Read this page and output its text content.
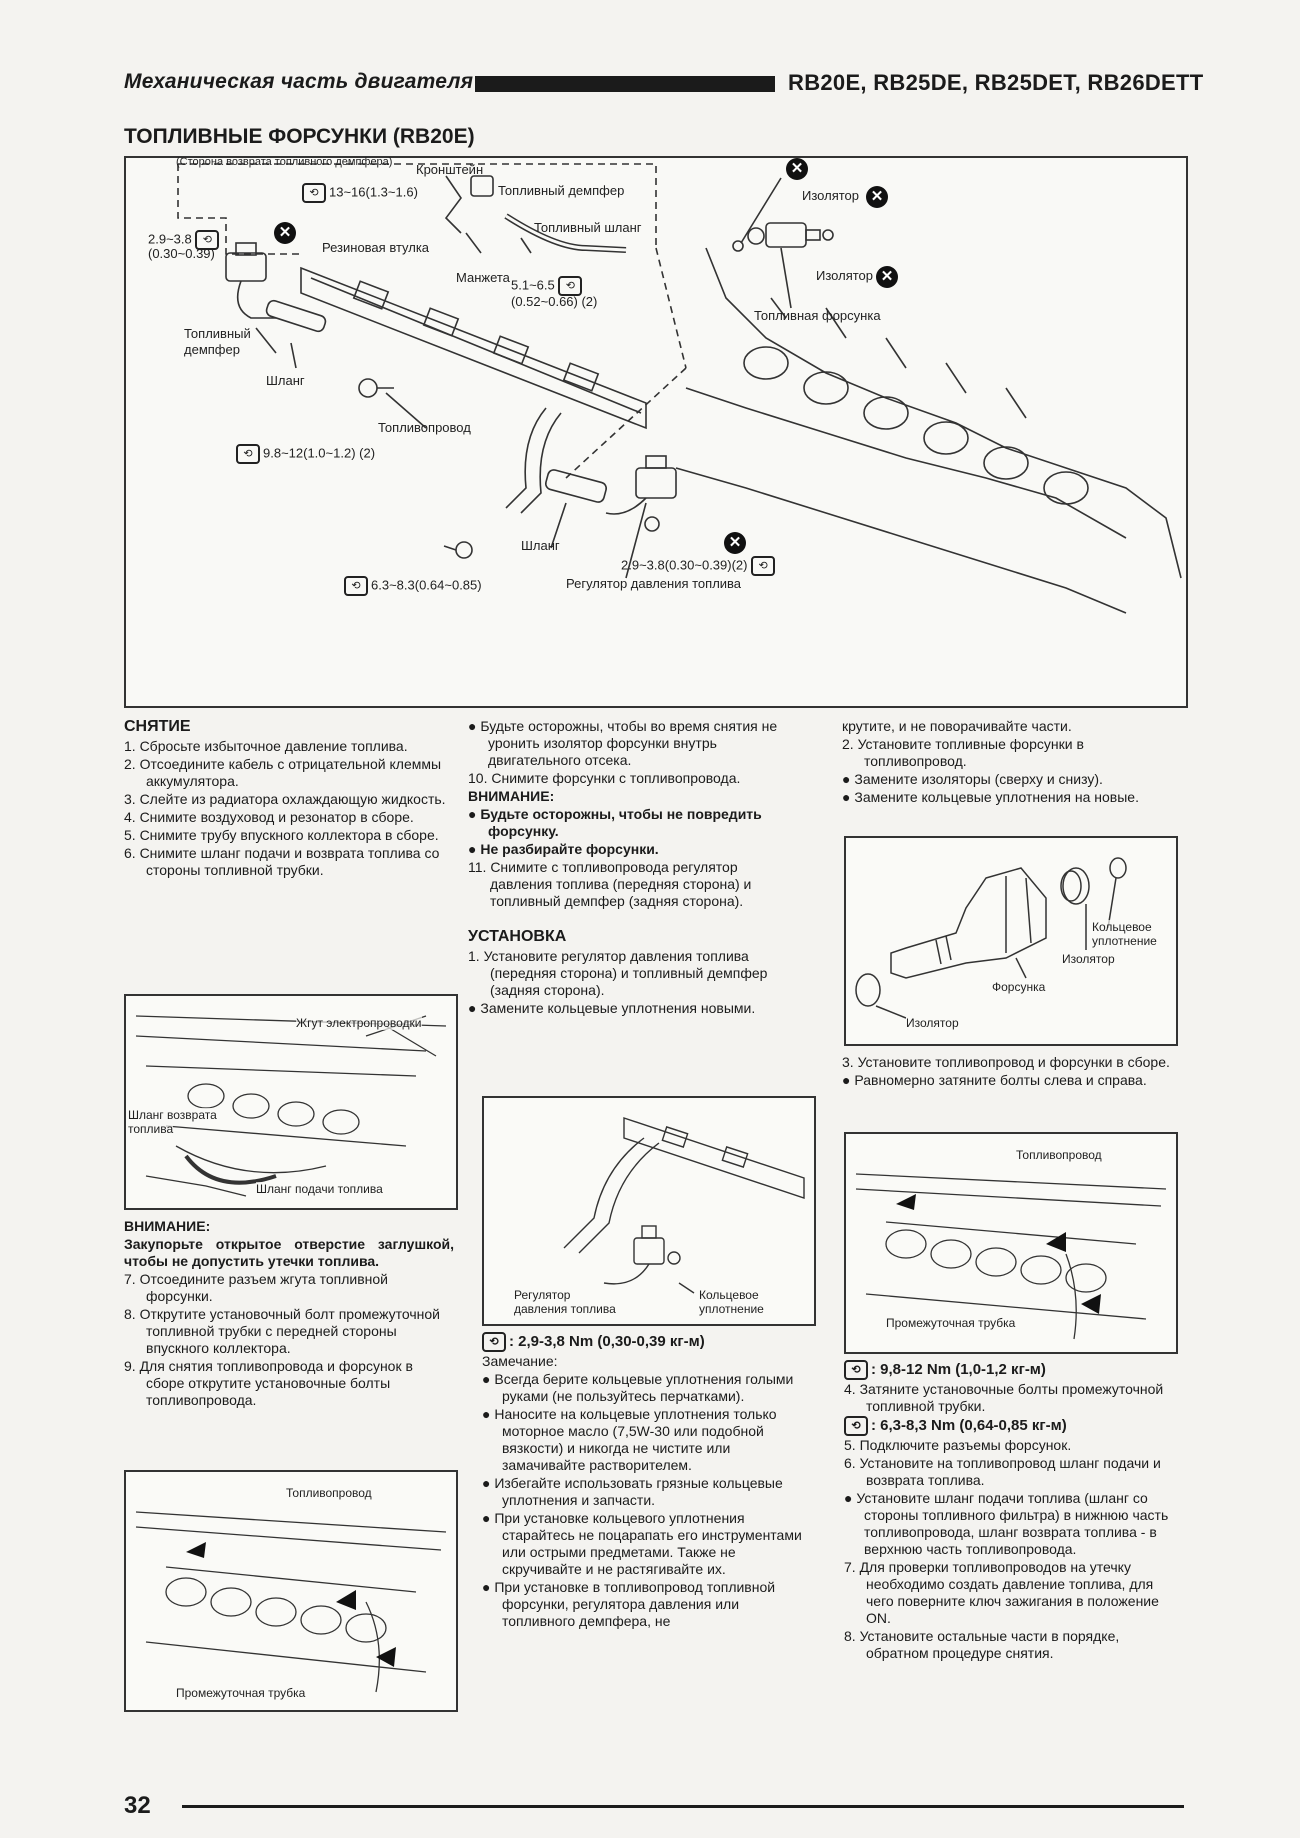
Механическая часть двигателя	RB20E, RB25DE, RB25DET, RB26DETT
ТОПЛИВНЫЕ ФОРСУНКИ (RB20E)
(Сторона возврата топливного демпфера) Кронштейн
⟲ 13~16(1.3~1.6)	Топливный демпфер
2.9~3.8 ⟲
(0.30~0.39)
Топливный шланг
Резиновая втулка
Манжета 5.1~6.5 ⟲
(0.52~0.66) (2)
Изолятор
Изолятор
Топливная форсунка
Топливный
демпфер
Шланг
Топливопровод
⟲ 9.8~12(1.0~1.2) (2)
Шланг
2.9~3.8(0.30~0.39)(2) ⟲
Регулятор давления топлива
⟲ 6.3~8.3(0.64~0.85)
✕
✕
✕
✕
✕

СНЯТИЕ

1. Сбросьте избыточное давление топлива.

2. Отсоедините кабель с отрицательной клеммы аккумулятора.

3. Слейте из радиатора охлаждающую жидкость.

4. Снимите воздуховод и резонатор в сборе.

5. Снимите трубу впускного коллектора в сборе.

6. Снимите шланг подачи и возврата топлива со стороны топливной трубки.

Жгут электропроводки
Шланг возврата
топлива
Шланг подачи топлива

ВНИМАНИЕ:

Закупорьте открытое отверстие заглушкой, чтобы не допустить утечки топлива.

7. Отсоедините разъем жгута топливной форсунки.

8. Открутите установочный болт промежуточной топливной трубки с передней стороны впускного коллектора.

9. Для снятия топливопровода и форсунок в сборе открутите установочные болты топливопровода.

Топливопровод
Промежуточная трубка

● Будьте осторожны, чтобы во время снятия не уронить изолятор форсунки внутрь двигательного отсека.

10. Снимите форсунки с топливопровода.

ВНИМАНИЕ:

● Будьте осторожны, чтобы не повредить форсунку.

● Не разбирайте форсунки.

11. Снимите с топливопровода регулятор давления топлива (передняя сторона) и топливный демпфер (задняя сторона).

УСТАНОВКА

1. Установите регулятор давления топлива (передняя сторона) и топливный демпфер (задняя сторона).

● Замените кольцевые уплотнения новыми.

Регулятор
давления топлива
Кольцевое
уплотнение

⟲ : 2,9-3,8 Nm (0,30-0,39 кг-м)

Замечание:

● Всегда берите кольцевые уплотнения голыми руками (не пользуйтесь перчатками).

● Наносите на кольцевые уплотнения только моторное масло (7,5W-30 или подобной вязкости) и никогда не чистите или замачивайте растворителем.

● Избегайте использовать грязные кольцевые уплотнения и запчасти.

● При установке кольцевого уплотнения старайтесь не поцарапать его инструментами или острыми предметами. Также не скручивайте и не растягивайте их.

● При установке в топливопровод топливной форсунки, регулятора давления или топливного демпфера, не

крутите, и не поворачивайте части.

2. Установите топливные форсунки в топливопровод.

● Замените изоляторы (сверху и снизу).

● Замените кольцевые уплотнения на новые.

Кольцевое
уплотнение
Изолятор
Форсунка
Изолятор

3. Установите топливопровод и форсунки в сборе.

● Равномерно затяните болты слева и справа.

Топливопровод
Промежуточная трубка

⟲ : 9,8-12 Nm (1,0-1,2 кг-м)

4. Затяните установочные болты промежуточной топливной трубки.

⟲ : 6,3-8,3 Nm (0,64-0,85 кг-м)

5. Подключите разъемы форсунок.

6. Установите на топливопровод шланг подачи и возврата топлива.

● Установите шланг подачи топлива (шланг со стороны топливного фильтра) в нижнюю часть топливопровода, шланг возврата топлива - в верхнюю часть топливопровода.

7. Для проверки топливопроводов на утечку необходимо создать давление топлива, для чего поверните ключ зажигания в положение ON.

8. Установите остальные части в порядке, обратном процедуре снятия.

32
